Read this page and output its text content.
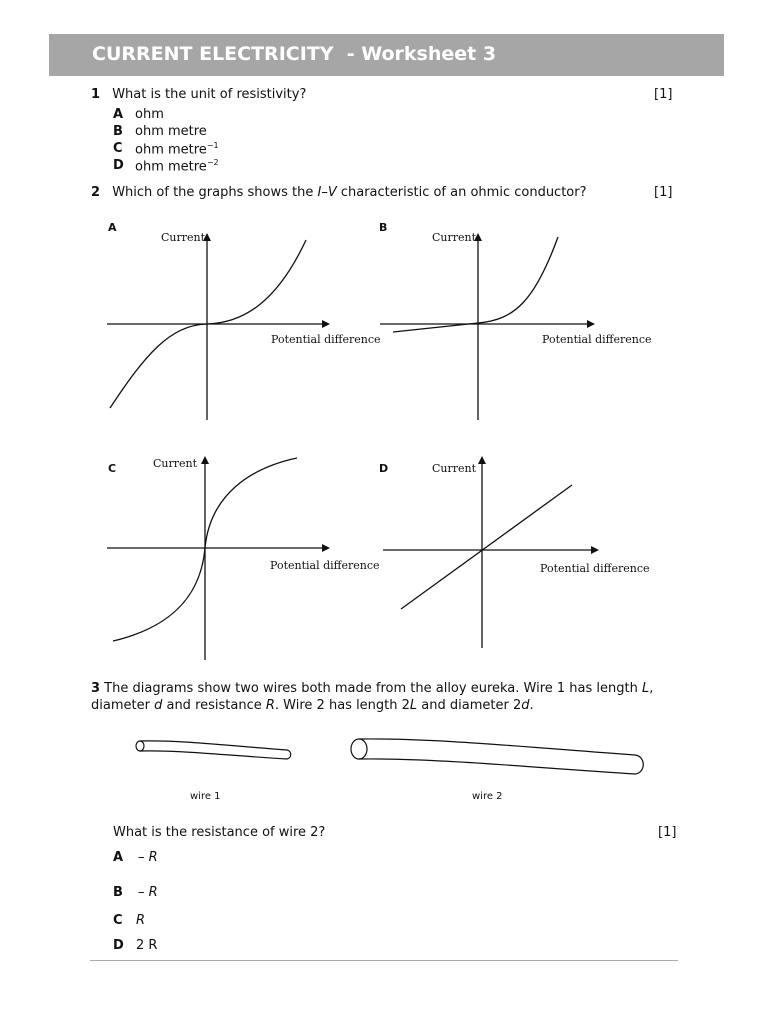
CURRENT ELECTRICITY  - Worksheet 3
1 What is the unit of resistivity?	[1]
A ohm
B ohm metre
C ohm metre$^{-1}$
D ohm metre$^{-2}$
2 Which of the graphs shows the I–V characteristic of an ohmic conductor?	[1]
A
Current
Potential difference
B
Current
Potential difference
C	Current
Potential difference
D	Current
Potential difference
3 The diagrams show two wires both made from the alloy eureka. Wire 1 has length L,
diameter d and resistance R. Wire 2 has length 2L and diameter 2d.
wire 1	wire 2
What is the resistance of wire 2?	[1]
A – R
B – R
C R
D 2 R
